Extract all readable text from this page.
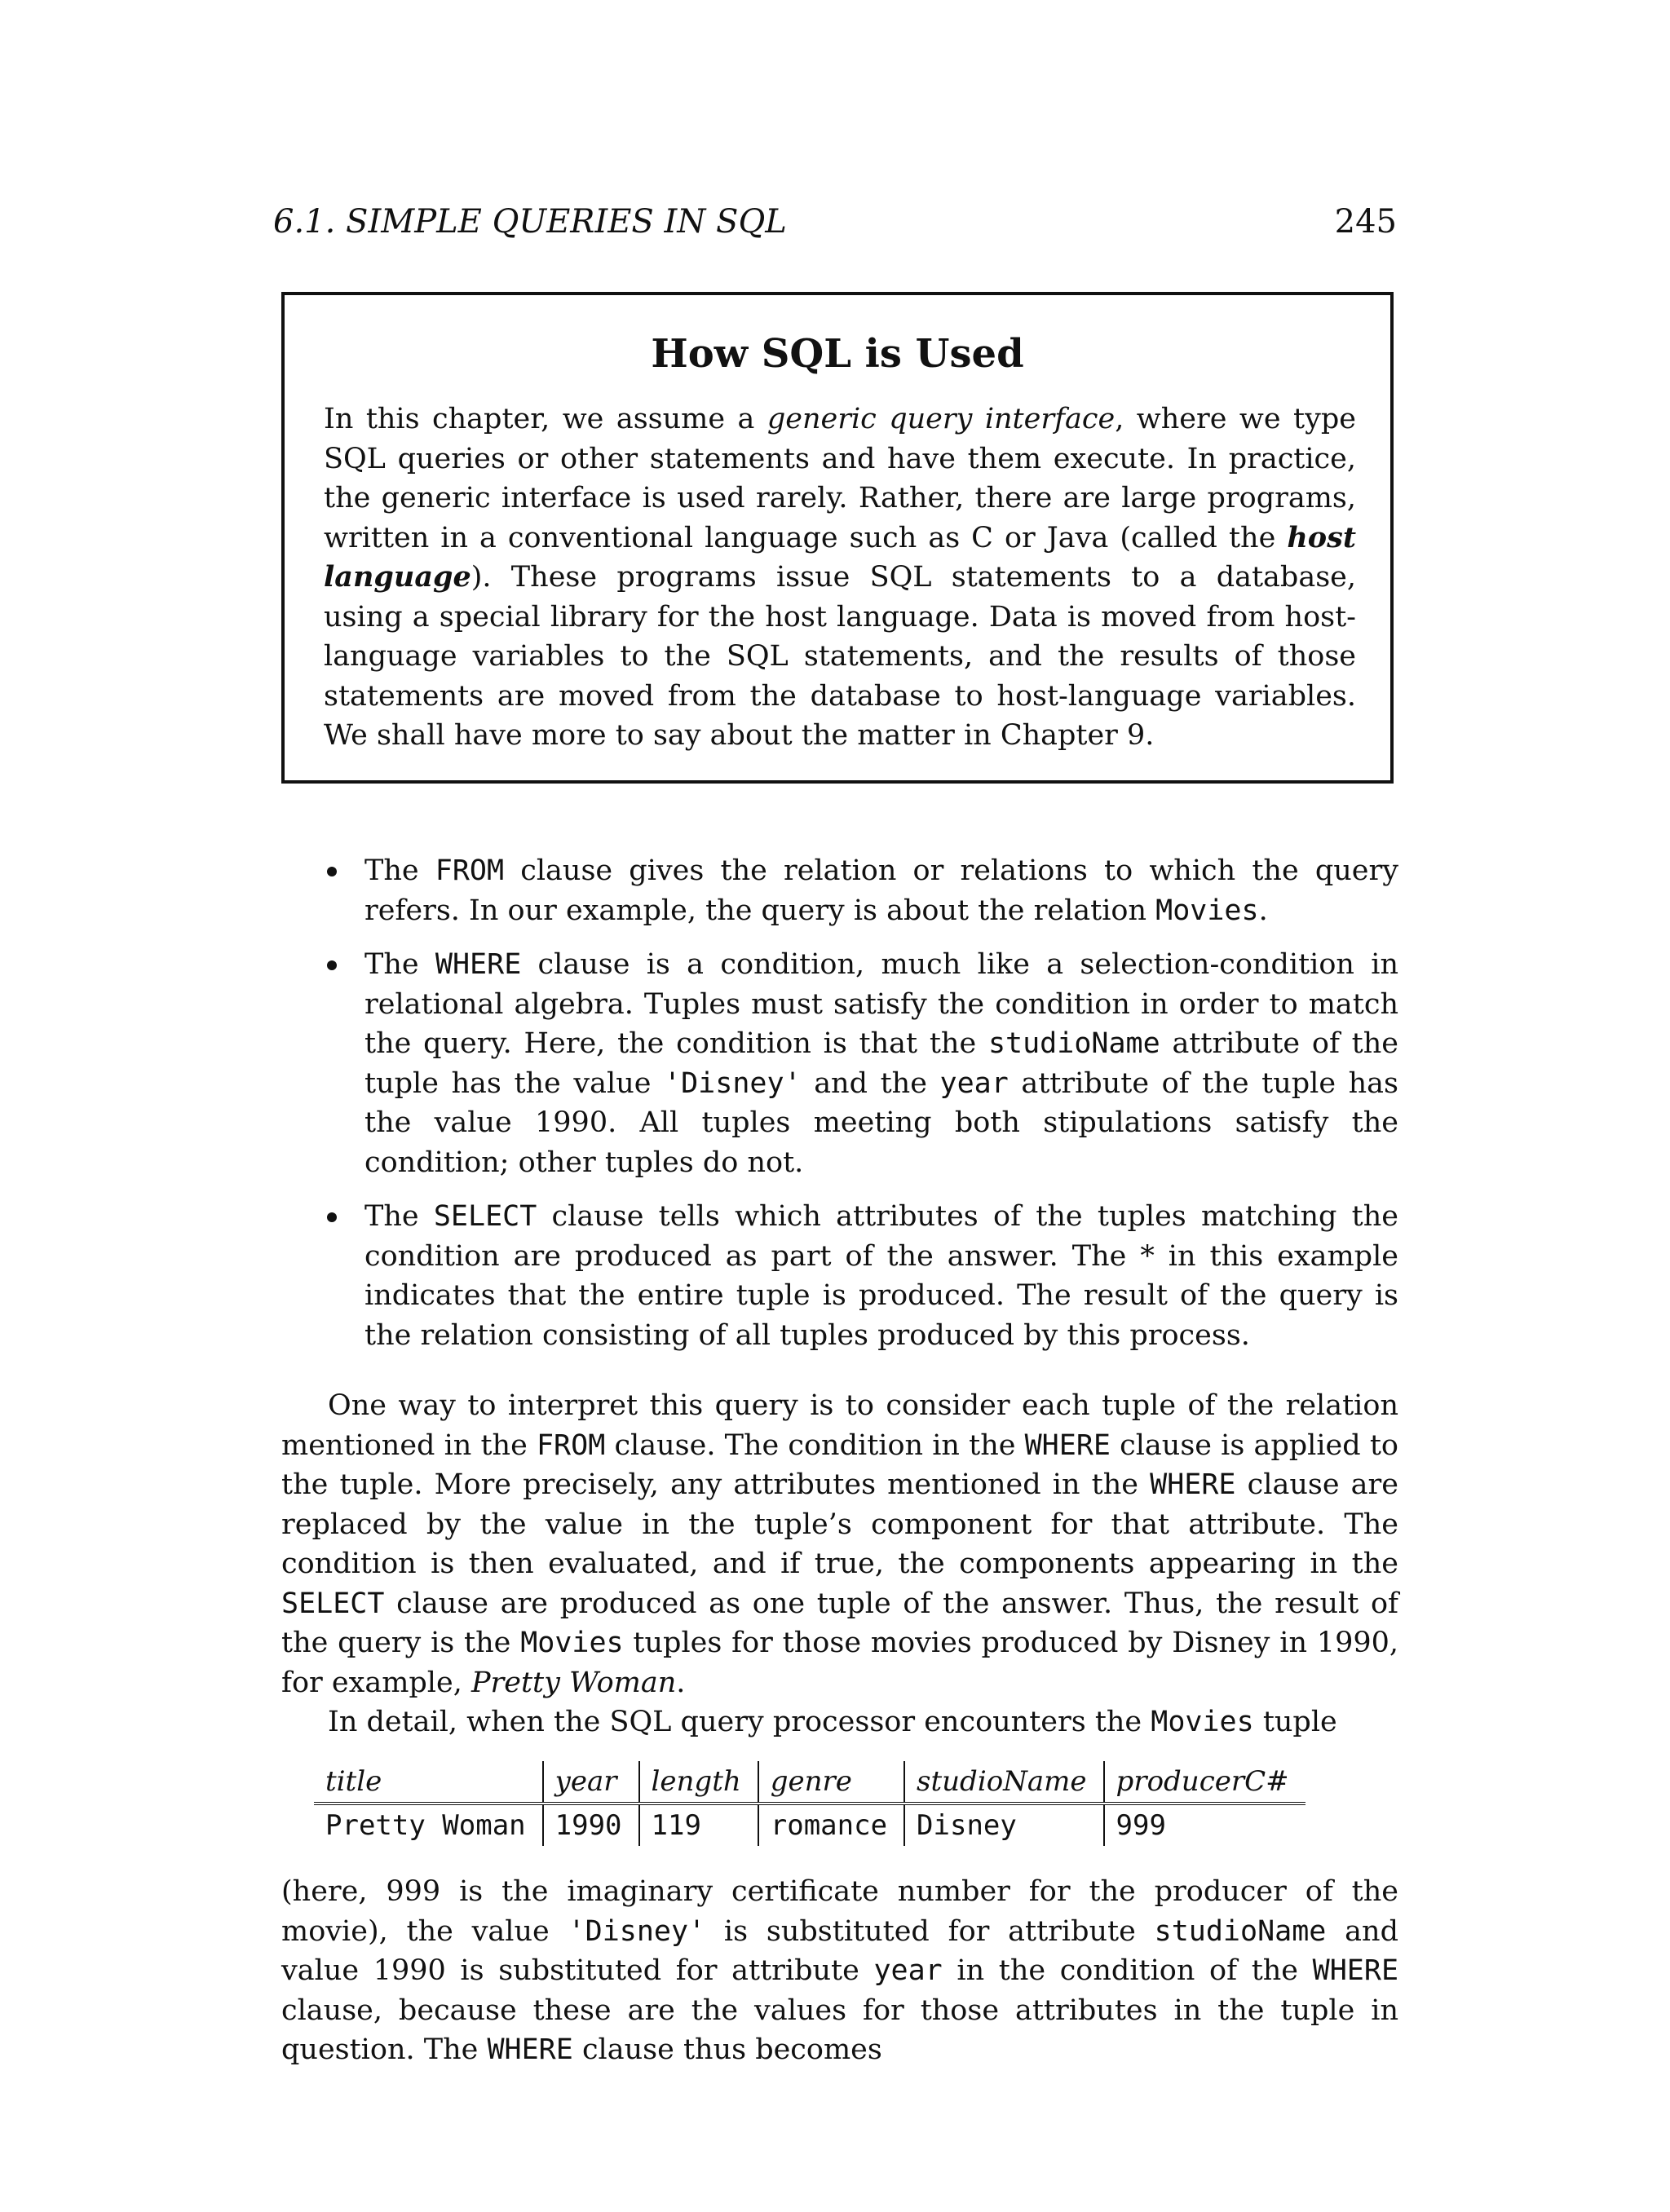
6.1. SIMPLE QUERIES IN SQL	245
How SQL is Used
In this chapter, we assume a generic query interface, where we type SQL queries or other statements and have them execute. In practice, the generic interface is used rarely. Rather, there are large programs, written in a conventional language such as C or Java (called the host language). These programs issue SQL statements to a database, using a special library for the host language. Data is moved from host-language variables to the SQL statements, and the results of those statements are moved from the database to host-language variables. We shall have more to say about the matter in Chapter 9.
The FROM clause gives the relation or relations to which the query refers. In our example, the query is about the relation Movies.
The WHERE clause is a condition, much like a selection-condition in relational algebra. Tuples must satisfy the condition in order to match the query. Here, the condition is that the studioName attribute of the tuple has the value 'Disney' and the year attribute of the tuple has the value 1990. All tuples meeting both stipulations satisfy the condition; other tuples do not.
The SELECT clause tells which attributes of the tuples matching the condition are produced as part of the answer. The * in this example indicates that the entire tuple is produced. The result of the query is the relation consisting of all tuples produced by this process.
One way to interpret this query is to consider each tuple of the relation mentioned in the FROM clause. The condition in the WHERE clause is applied to the tuple. More precisely, any attributes mentioned in the WHERE clause are replaced by the value in the tuple’s component for that attribute. The condition is then evaluated, and if true, the components appearing in the SELECT clause are produced as one tuple of the answer. Thus, the result of the query is the Movies tuples for those movies produced by Disney in 1990, for example, Pretty Woman.
In detail, when the SQL query processor encounters the Movies tuple
title	year	length	genre	studioName	producerC#
Pretty Woman	1990	119	romance	Disney	999
(here, 999 is the imaginary certificate number for the producer of the movie), the value 'Disney' is substituted for attribute studioName and value 1990 is substituted for attribute year in the condition of the WHERE clause, because these are the values for those attributes in the tuple in question. The WHERE clause thus becomes
